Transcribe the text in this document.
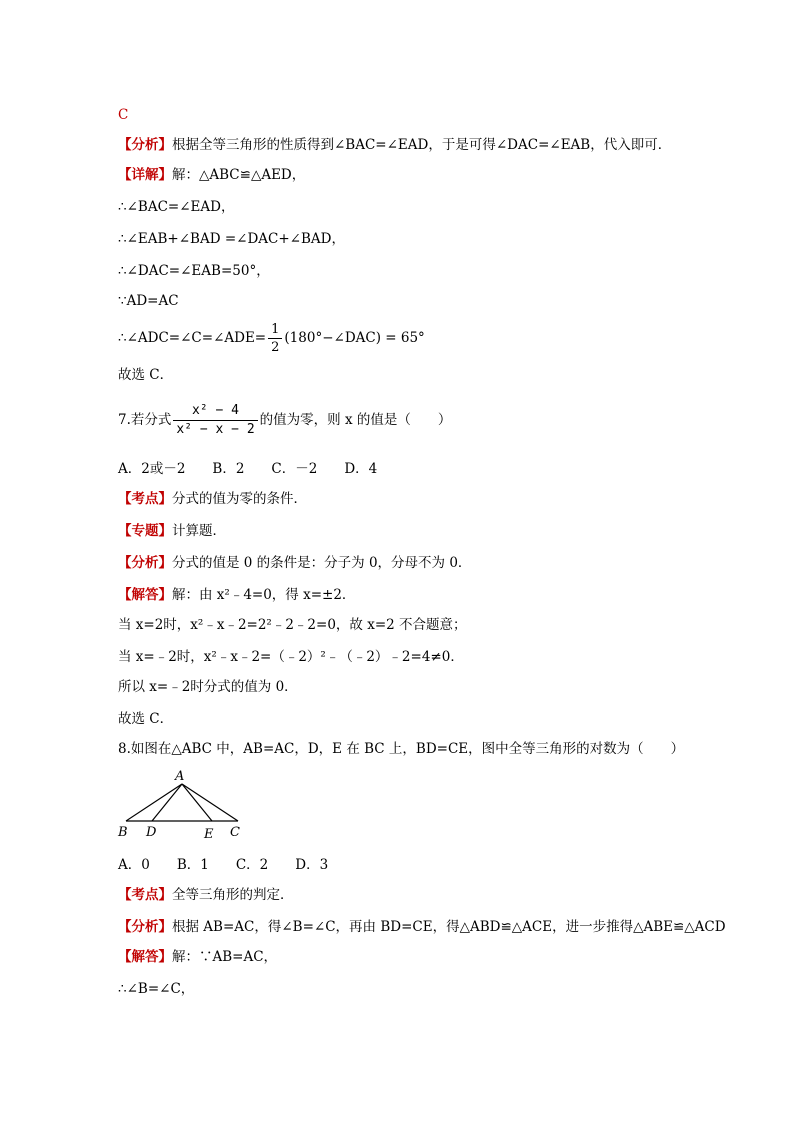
C
【分析】根据全等三角形的性质得到∠BAC=∠EAD，于是可得∠DAC=∠EAB，代入即可．
【详解】解：△ABC≌△AED，
∴∠BAC=∠EAD，
∴∠EAB+∠BAD =∠DAC+∠BAD，
∴∠DAC=∠EAB=50°，
∵AD=AC
∴∠ADC=∠C=∠ADE= $\frac{1}{2}$ (180°−∠DAC) = 65°
故选 C．
7.若分式 $\frac{\text{x² − 4}}{\text{x² − x − 2}}$ 的值为零，则 x 的值是（　　）
A．2或－2　　B．2　　C．－2　　D．4
【考点】分式的值为零的条件．
【专题】计算题．
【分析】分式的值是 0 的条件是：分子为 0，分母不为 0．
【解答】解：由 x²﹣4=0，得 x=±2．
当 x=2时，x²﹣x﹣2=2²﹣2﹣2=0，故 x=2 不合题意；
当 x=﹣2时，x²﹣x﹣2=（﹣2）²﹣（﹣2）﹣2=4≠0．
所以 x=﹣2时分式的值为 0．
故选 C．
8.如图在△ABC 中，AB=AC，D，E 在 BC 上，BD=CE，图中全等三角形的对数为（　　）
A
B D	E C
A．0　　B．1　　C．2　　D．3
【考点】全等三角形的判定．
【分析】根据 AB=AC，得∠B=∠C，再由 BD=CE，得△ABD≌△ACE，进一步推得△ABE≌△ACD
【解答】解：∵AB=AC，
∴∠B=∠C，
